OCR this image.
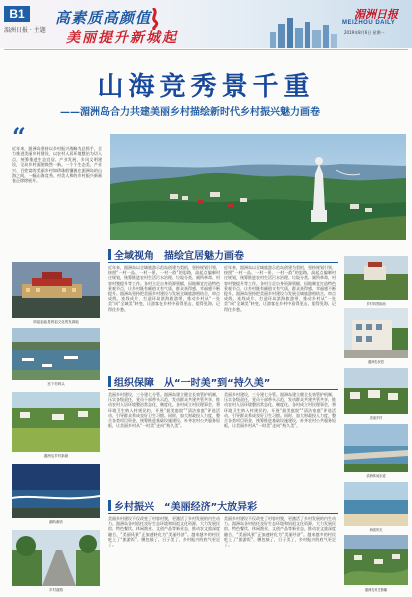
B1
湄洲日报 · 主题
高素质高颜值
美丽提升新城起
湄洲日报
MEIZHOU DAILY
2019年8月6日 星期一
山海竞秀景千重
——湄洲岛合力共建美丽乡村描绘新时代乡村振兴魅力画卷
“
近年来，湄洲岛坚持以乡村振兴战略为总抓手，全力推进美丽乡村建设，以农村人居环境整治为切入点，统筹推进生态宜居、产业发展、乡风文明建设，全岛乡村面貌焕然一新。一个个生态美、产业兴、百姓富的美丽乡村如珍珠般镶嵌在湄洲岛的山海之间，一幅山海竞秀、村美人和的乡村振兴新画卷正徐徐展开。
全域视角　描绘宜居魅力画卷
近年来，湄洲岛以全域旅游示范岛创建为契机，坚持规划引领，按照“一村一品、一村一景、一村一韵”的思路，高起点编制村庄规划，统筹推进农村生活污水治理、垃圾分类、厕所革命、村容村貌提升等工作。各村立足自身资源禀赋，因地制宜打造特色景观节点，让乡村既有颜值又有气质，群众获得感、幸福感不断提升。湄洲岛坚持把美丽乡村建设与发展全域旅游相结合，串点成线、连线成片，打造环岛滨海旅游带，推动乡村从“一处美”向“全域美”转变，让游客在乡村中看得见山、望得见海、记得住乡愁。
近年来，湄洲岛以全域旅游示范岛创建为契机，坚持规划引领，按照“一村一品、一村一景、一村一韵”的思路，高起点编制村庄规划，统筹推进农村生活污水治理、垃圾分类、厕所革命、村容村貌提升等工作。各村立足自身资源禀赋，因地制宜打造特色景观节点，让乡村既有颜值又有气质，群众获得感、幸福感不断提升。湄洲岛坚持把美丽乡村建设与发展全域旅游相结合，串点成线、连线成片，打造环岛滨海旅游带，推动乡村从“一处美”向“全域美”转变，让游客在乡村中看得见山、望得见海、记得住乡愁。
组织保障　从“一时美”到“持久美”
美丽乡村建设，三分建七分管。湄洲岛建立健全长效管护机制，压实各级责任，党员干部带头示范，发动群众共建共管共享，推动农村人居环境整治常态化、制度化。各村成立村民理事会，将环境卫生纳入村规民约，开展“最美庭院”“清洁家庭”评选活动，引导群众养成良好卫生习惯。同时，加大财政投入力度，整合各类项目资金，统筹推进基础设施建设，补齐农村公共服务短板，让美丽乡村从“一时美”走向“持久美”。
美丽乡村建设，三分建七分管。湄洲岛建立健全长效管护机制，压实各级责任，党员干部带头示范，发动群众共建共管共享，推动农村人居环境整治常态化、制度化。各村成立村民理事会，将环境卫生纳入村规民约，开展“最美庭院”“清洁家庭”评选活动，引导群众养成良好卫生习惯。同时，加大财政投入力度，整合各类项目资金，统筹推进基础设施建设，补齐农村公共服务短板，让美丽乡村从“一时美”走向“持久美”。
乡村振兴　“美丽经济”大放异彩
美丽乡村建设不仅改变了村容村貌，更激活了乡村发展的内生动力。湄洲岛各村依托良好生态环境和妈祖文化资源，大力发展民宿、特色餐饮、休闲渔业、文创产品等新业态，推动农文旅深度融合，“美丽风景”正加速转化为“美丽经济”。越来越多的村民吃上了“旅游饭”，腰包鼓了，日子美了，乡村振兴的底气更足了。
美丽乡村建设不仅改变了村容村貌，更激活了乡村发展的内生动力。湄洲岛各村依托良好生态环境和妈祖文化资源，大力发展民宿、特色餐饮、休闲渔业、文创产品等新业态，推动农文旅深度融合，“美丽风景”正加速转化为“美丽经济”。越来越多的村民吃上了“旅游饭”，腰包鼓了，日子美了，乡村振兴的底气更足了。
妈祖祖庙是妈祖文化的发源地
宫下村码头
湄洲岛乡村新貌
湄屿潮音
乡村道路
乡村风景如画
湄洲岛民居
美丽乡村
滨海休闲步道
海滨风光
湄洲岛村庄俯瞰
